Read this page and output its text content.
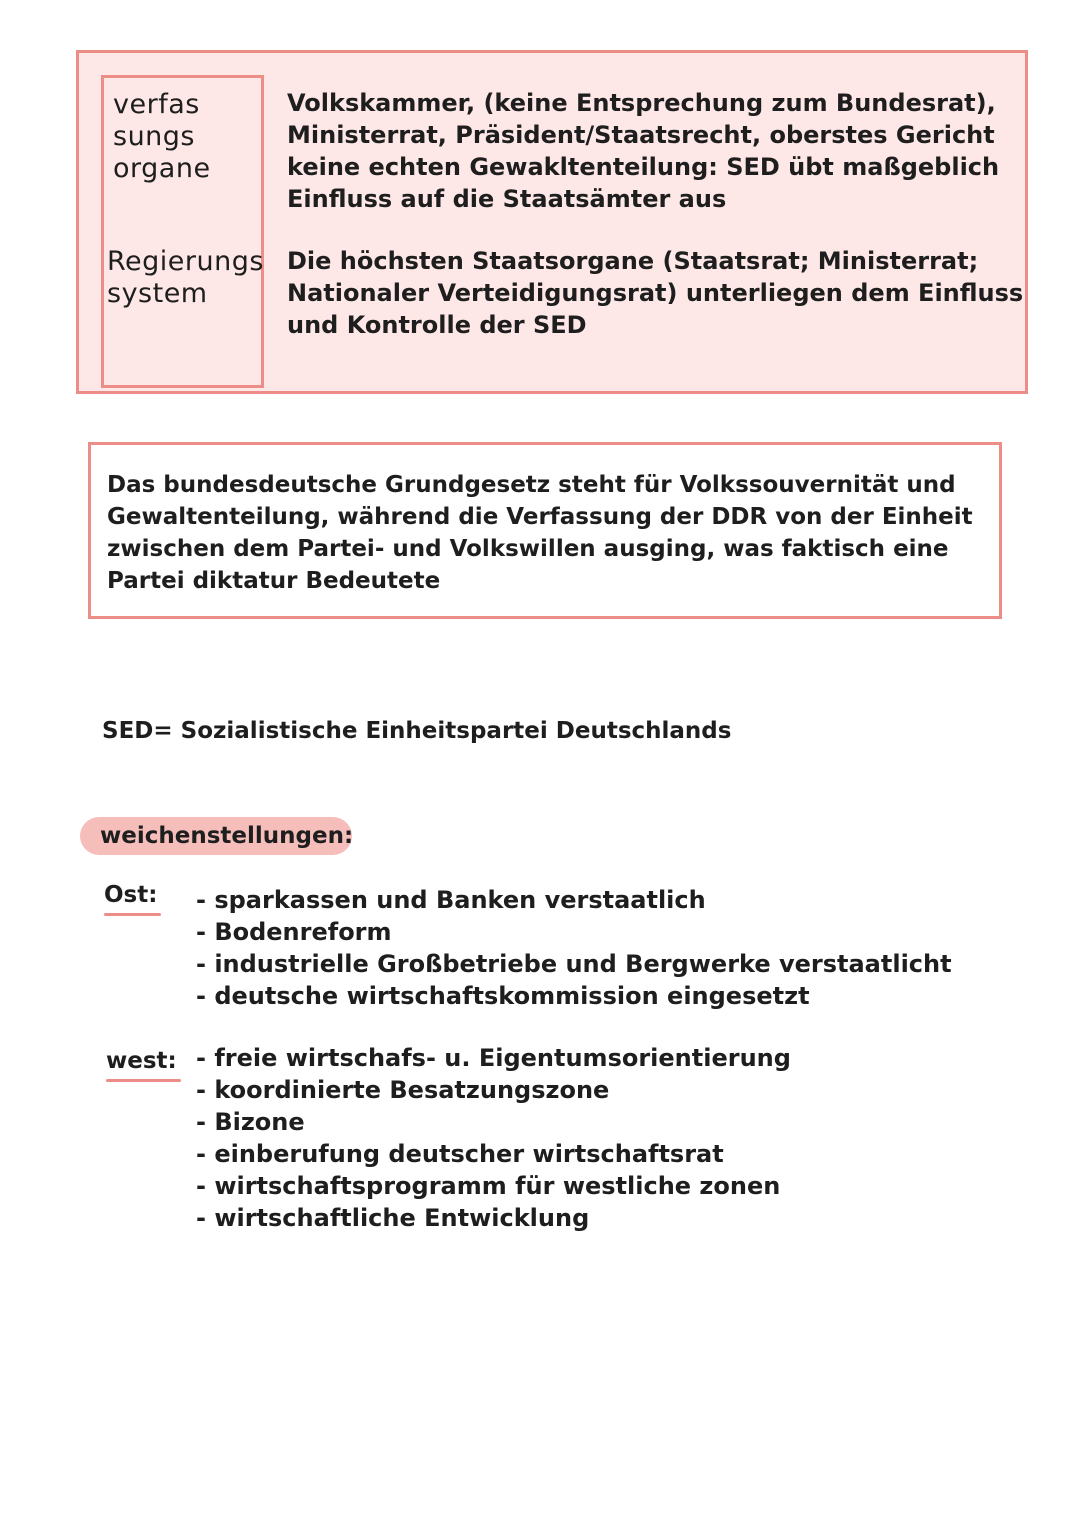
verfas
sungs
organe
Volkskammer, (keine Entsprechung zum Bundesrat),
Ministerrat, Präsident/Staatsrecht, oberstes Gericht
keine echten Gewakltenteilung: SED übt maßgeblich
Einfluss auf die Staatsämter aus
Regierungs
system
Die höchsten Staatsorgane (Staatsrat; Ministerrat;
Nationaler Verteidigungsrat) unterliegen dem Einfluss
und Kontrolle der SED
Das bundesdeutsche Grundgesetz steht für Volkssouvernität und
Gewaltenteilung, während die Verfassung der DDR von der Einheit
zwischen dem Partei- und Volkswillen ausging, was faktisch eine
Partei diktatur Bedeutete
SED= Sozialistische Einheitspartei Deutschlands
weichenstellungen:
Ost: - sparkassen und Banken verstaatlich
- Bodenreform
- industrielle Großbetriebe und Bergwerke verstaatlicht
- deutsche wirtschaftskommission eingesetzt
west: - freie wirtschafs- u. Eigentumsorientierung
- koordinierte Besatzungszone
- Bizone
- einberufung deutscher wirtschaftsrat
- wirtschaftsprogramm für westliche zonen
- wirtschaftliche Entwicklung
